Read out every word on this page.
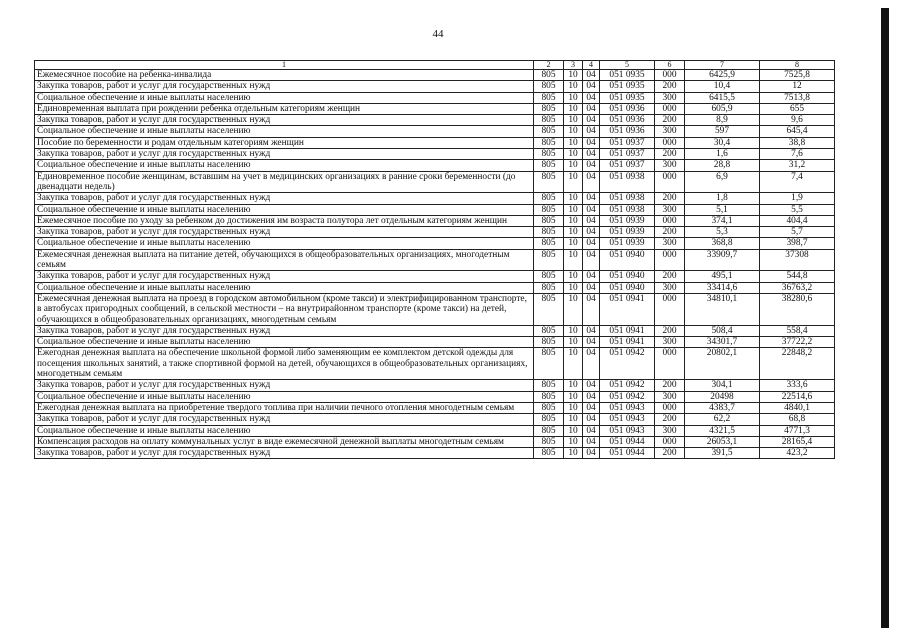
44
1	2	3	4	5	6	7	8
Ежемесячное пособие на ребенка-инвалида	805	10	04	051 0935	000	6425,9	7525,8
Закупка товаров, работ и услуг для государственных нужд	805	10	04	051 0935	200	10,4	12
Социальное обеспечение и иные выплаты населению	805	10	04	051 0935	300	6415,5	7513,8
Единовременная выплата при рождении ребенка отдельным категориям женщин	805	10	04	051 0936	000	605,9	655
Закупка товаров, работ и услуг для государственных нужд	805	10	04	051 0936	200	8,9	9,6
Социальное обеспечение и иные выплаты населению	805	10	04	051 0936	300	597	645,4
Пособие по беременности и родам отдельным категориям женщин	805	10	04	051 0937	000	30,4	38,8
Закупка товаров, работ и услуг для государственных нужд	805	10	04	051 0937	200	1,6	7,6
Социальное обеспечение и иные выплаты населению	805	10	04	051 0937	300	28,8	31,2
Единовременное пособие женщинам, вставшим на учет в медицинских организациях в ранние сроки беременности (до двенадцати недель)	805	10	04	051 0938	000	6,9	7,4
Закупка товаров, работ и услуг для государственных нужд	805	10	04	051 0938	200	1,8	1,9
Социальное обеспечение и иные выплаты населению	805	10	04	051 0938	300	5,1	5,5
Ежемесячное пособие по уходу за ребенком до достижения им возраста полутора лет отдельным категориям женщин	805	10	04	051 0939	000	374,1	404,4
Закупка товаров, работ и услуг для государственных нужд	805	10	04	051 0939	200	5,3	5,7
Социальное обеспечение и иные выплаты населению	805	10	04	051 0939	300	368,8	398,7
Ежемесячная денежная выплата на питание детей, обучающихся в общеобразовательных организациях, многодетным семьям	805	10	04	051 0940	000	33909,7	37308
Закупка товаров, работ и услуг для государственных нужд	805	10	04	051 0940	200	495,1	544,8
Социальное обеспечение и иные выплаты населению	805	10	04	051 0940	300	33414,6	36763,2
Ежемесячная денежная выплата на проезд в городском автомобильном (кроме такси) и электрифицированном транспорте, в автобусах пригородных сообщений, в сельской местности – на внутрирайонном транспорте (кроме такси) на детей, обучающихся в общеобразовательных организациях, многодетным семьям	805	10	04	051 0941	000	34810,1	38280,6
Закупка товаров, работ и услуг для государственных нужд	805	10	04	051 0941	200	508,4	558,4
Социальное обеспечение и иные выплаты населению	805	10	04	051 0941	300	34301,7	37722,2
Ежегодная денежная выплата на обеспечение школьной формой либо заменяющим ее комплектом детской одежды для посещения школьных занятий, а также спортивной формой на детей, обучающихся в общеобразовательных организациях, многодетным семьям	805	10	04	051 0942	000	20802,1	22848,2
Закупка товаров, работ и услуг для государственных нужд	805	10	04	051 0942	200	304,1	333,6
Социальное обеспечение и иные выплаты населению	805	10	04	051 0942	300	20498	22514,6
Ежегодная денежная выплата на приобретение твердого топлива при наличии печного отопления многодетным семьям	805	10	04	051 0943	000	4383,7	4840,1
Закупка товаров, работ и услуг для государственных нужд	805	10	04	051 0943	200	62,2	68,8
Социальное обеспечение и иные выплаты населению	805	10	04	051 0943	300	4321,5	4771,3
Компенсация расходов на оплату коммунальных услуг в виде ежемесячной денежной выплаты многодетным семьям	805	10	04	051 0944	000	26053,1	28165,4
Закупка товаров, работ и услуг для государственных нужд	805	10	04	051 0944	200	391,5	423,2
